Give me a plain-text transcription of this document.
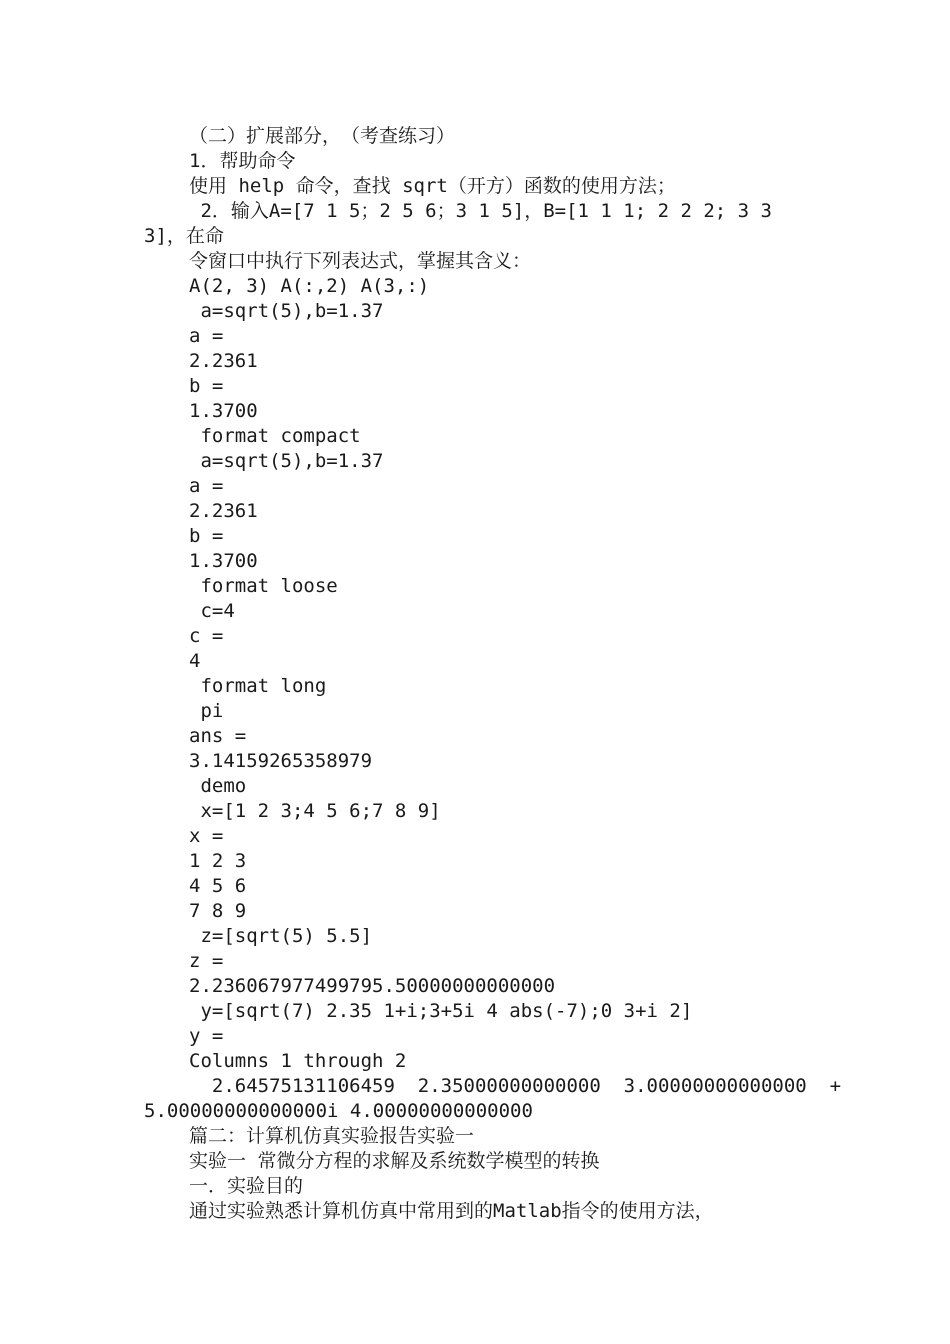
（二）扩展部分，　（考查练习）
1．帮助命令
使用 help 命令，查找 sqrt（开方）函数的使用方法；
2．输入A=[7 1 5；2 5 6；3 1 5]，B=[1 1 1; 2 2 2; 3 3
3]，在命
令窗口中执行下列表达式，掌握其含义：
A(2, 3) A(:,2) A(3,:)
a=sqrt(5),b=1.37
a =
2.2361
b =
1.3700
format compact
a=sqrt(5),b=1.37
a =
2.2361
b =
1.3700
format loose
c=4
c =
4
format long
pi
ans =
3.14159265358979
demo
x=[1 2 3;4 5 6;7 8 9]
x =
1 2 3
4 5 6
7 8 9
z=[sqrt(5) 5.5]
z =
2.236067977499795.50000000000000
y=[sqrt(7) 2.35 1+i;3+5i 4 abs(-7);0 3+i 2]
y =
Columns 1 through 2
2.64575131106459  2.35000000000000  3.00000000000000  +
5.00000000000000i 4.00000000000000
篇二：计算机仿真实验报告实验一
实验一 常微分方程的求解及系统数学模型的转换
一．实验目的
通过实验熟悉计算机仿真中常用到的Matlab指令的使用方法，
